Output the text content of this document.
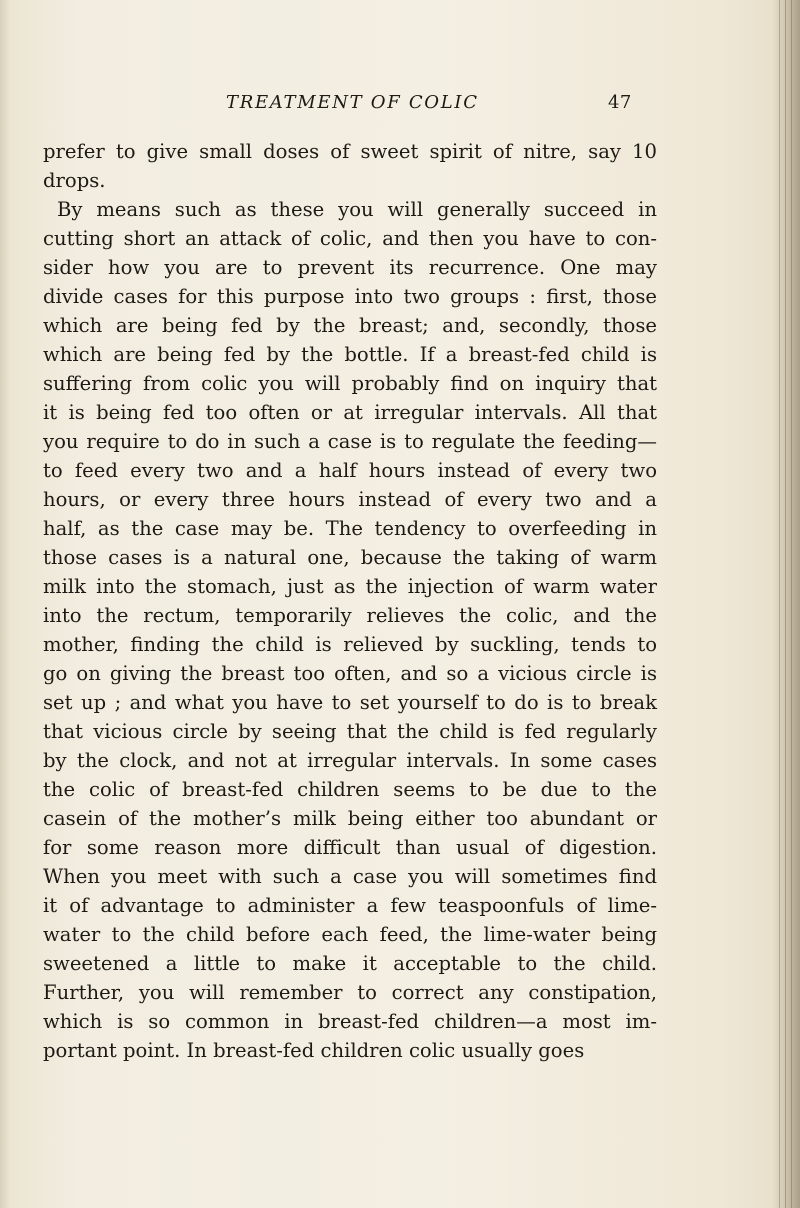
TREATMENT OF COLIC	47
prefer to give small doses of sweet spirit of nitre, say 10
drops.
By means such as these you will generally succeed in
cutting short an attack of colic, and then you have to con-
sider how you are to prevent its recurrence. One may
divide cases for this purpose into two groups : first, those
which are being fed by the breast; and, secondly, those
which are being fed by the bottle. If a breast-fed child is
suffering from colic you will probably find on inquiry that
it is being fed too often or at irregular intervals. All that
you require to do in such a case is to regulate the feeding—
to feed every two and a half hours instead of every two
hours, or every three hours instead of every two and a
half, as the case may be. The tendency to overfeeding in
those cases is a natural one, because the taking of warm
milk into the stomach, just as the injection of warm water
into the rectum, temporarily relieves the colic, and the
mother, finding the child is relieved by suckling, tends to
go on giving the breast too often, and so a vicious circle is
set up ; and what you have to set yourself to do is to break
that vicious circle by seeing that the child is fed regularly
by the clock, and not at irregular intervals. In some cases
the colic of breast-fed children seems to be due to the
casein of the mother’s milk being either too abundant or
for some reason more difficult than usual of digestion.
When you meet with such a case you will sometimes find
it of advantage to administer a few teaspoonfuls of lime-
water to the child before each feed, the lime-water being
sweetened a little to make it acceptable to the child.
Further, you will remember to correct any constipation,
which is so common in breast-fed children—a most im-
portant point. In breast-fed children colic usually goes
